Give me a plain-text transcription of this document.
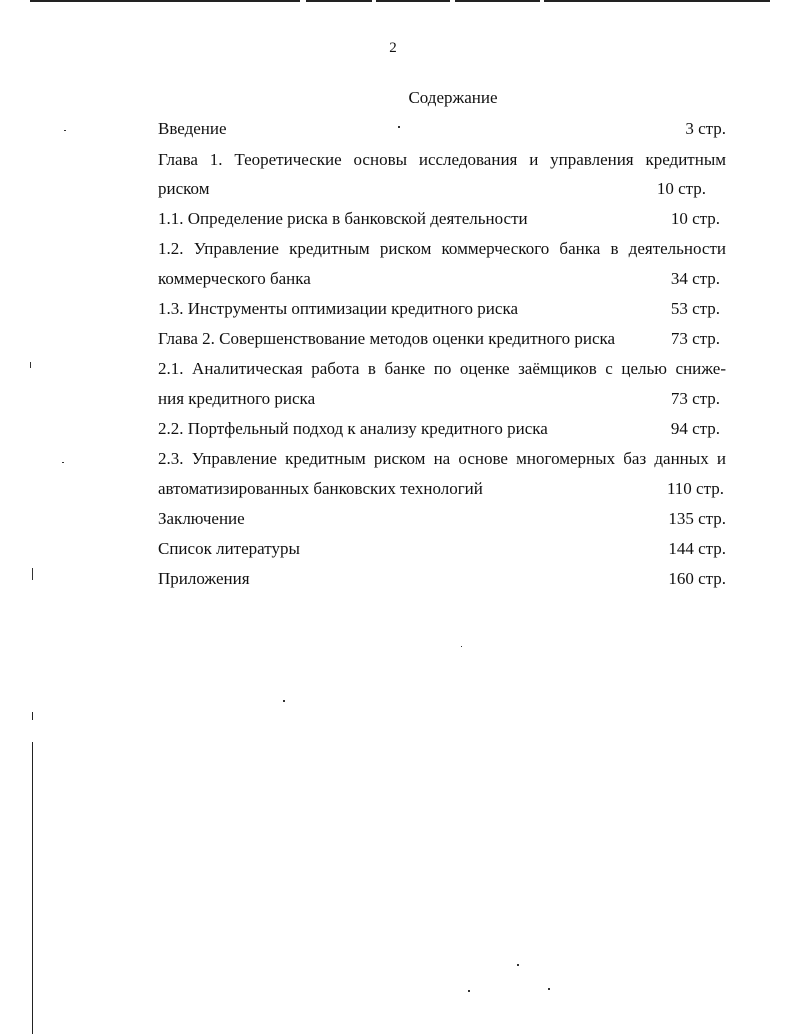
2
Содержание
Введение	3 стр.
Глава 1. Теоретические основы исследования и управления кредитным
риском	10 стр.
1.1. Определение риска в банковской деятельности	10 стр.
1.2. Управление кредитным риском коммерческого банка в деятельности
коммерческого банка	34 стр.
1.3. Инструменты оптимизации кредитного риска	53 стр.
Глава 2. Совершенствование методов оценки кредитного риска	73 стр.
2.1. Аналитическая работа в банке по оценке заёмщиков с целью сниже-
ния кредитного риска	73 стр.
2.2. Портфельный подход к анализу кредитного риска	94 стр.
2.3. Управление кредитным риском на основе многомерных баз данных и
автоматизированных банковских технологий	110 стр.
Заключение	135 стр.
Список литературы	144 стр.
Приложения	160 стр.
